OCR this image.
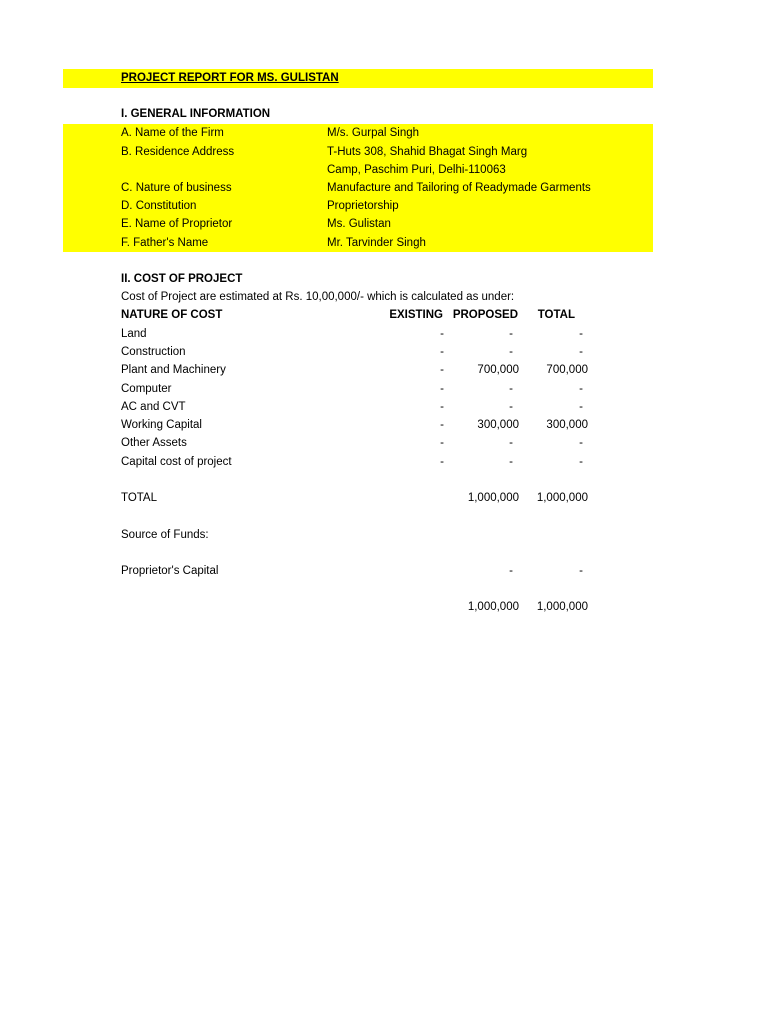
PROJECT REPORT FOR MS. GULISTAN
I. GENERAL INFORMATION
A. Name of the Firm	M/s. Gurpal Singh
B. Residence Address	T-Huts 308, Shahid Bhagat Singh Marg
Camp, Paschim Puri, Delhi-110063
C. Nature of business	Manufacture and Tailoring of Readymade Garments
D. Constitution	Proprietorship
E. Name of Proprietor	Ms. Gulistan
F. Father's Name	Mr. Tarvinder Singh
II. COST OF PROJECT
Cost of Project are estimated at Rs. 10,00,000/- which is calculated as under:
NATURE OF COST	EXISTING PROPOSED TOTAL
Land	-	-	-
Construction	-	-	-
Plant and Machinery	-	700,000 700,000
Computer	-	-	-
AC and CVT	-	-	-
Working Capital	-	300,000 300,000
Other Assets	-	-	-
Capital cost of project	-	-	-
TOTAL	1,000,000 1,000,000
Source of Funds:
Proprietor's Capital	-	-
1,000,000 1,000,000
